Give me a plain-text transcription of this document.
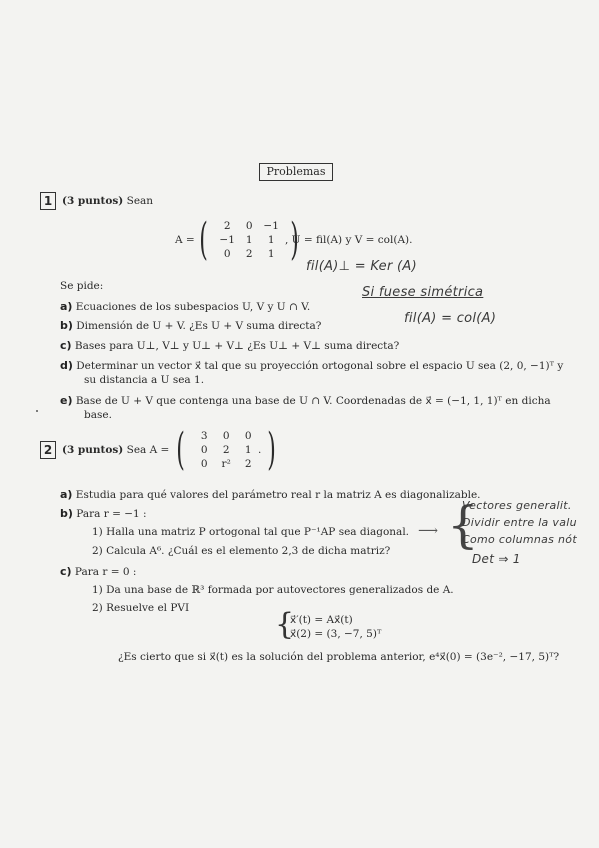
Problemas
1 (3 puntos) Sean
A = (	2	0	−1
−1	1	1
0	2	1 )
, U = fil(A) y V = col(A).
fil(A)⊥ = Ker (A)
Se pide:	Si fuese simétrica
fil(A) = col(A)
a) Ecuaciones de los subespacios U, V y U ∩ V.
b) Dimensión de U + V. ¿Es U + V suma directa?
c) Bases para U⊥, V⊥ y U⊥ + V⊥ ¿Es U⊥ + V⊥ suma directa?
d) Determinar un vector x⃗ tal que su proyección ortogonal sobre el espacio U sea (2, 0, −1)ᵀ y
su distancia a U sea 1.
e) Base de U + V que contenga una base de U ∩ V. Coordenadas de x⃗ = (−1, 1, 1)ᵀ en dicha
base.
2 (3 puntos) Sea A = (	3	0	0
0	2	1
0	r²	2 )
.
a) Estudia para qué valores del parámetro real r la matriz A es diagonalizable.
b) Para r = −1 :
1) Halla una matriz P ortogonal tal que P⁻¹AP sea diagonal.
2) Calcula A⁶. ¿Cuál es el elemento 2,3 de dicha matriz?
⟶ {
Vectores generalit.
Dividir entre la valu
Como columnas nót
Det ⇒ 1
c) Para r = 0 :
1) Da una base de ℝ³ formada por autovectores generalizados de A.
2) Resuelve el PVI	{
x⃗′(t) = Ax⃗(t)
x⃗(2) = (3, −7, 5)ᵀ
¿Es cierto que si x⃗(t) es la solución del problema anterior, e⁴x⃗(0) = (3e⁻², −17, 5)ᵀ?
